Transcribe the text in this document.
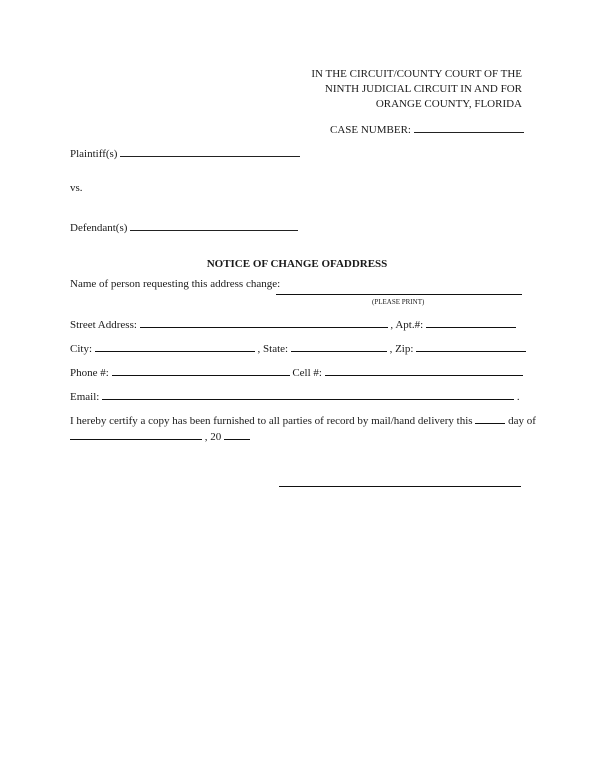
IN THE CIRCUIT/COUNTY COURT OF THE
NINTH JUDICIAL CIRCUIT IN AND FOR
ORANGE COUNTY, FLORIDA
CASE NUMBER:
Plaintiff(s)
vs.
Defendant(s)
NOTICE OF CHANGE OFADDRESS
Name of person requesting this address change:
(PLEASE PRINT)
Street Address:	, Apt.#:
City:	, State:	, Zip:
Phone #:	Cell #:
Email:	.
I hereby certify a copy has been furnished to all parties of record by mail/hand delivery this	day of
, 20
